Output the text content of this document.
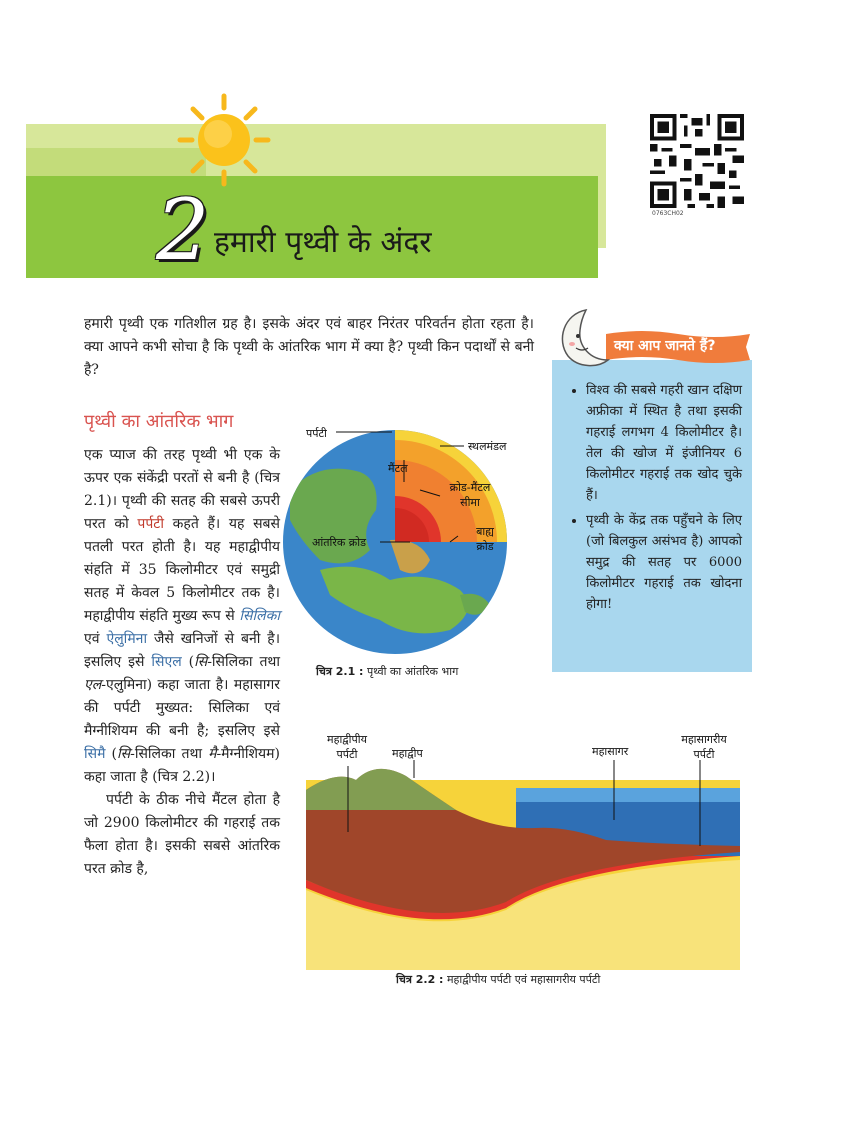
2 हमारी पृथ्वी के अंदर
0763CH02
हमारी पृथ्वी एक गतिशील ग्रह है। इसके अंदर एवं बाहर निरंतर परिवर्तन होता रहता है। क्या आपने कभी सोचा है कि पृथ्वी के आंतरिक भाग में क्या है? पृथ्वी किन पदार्थों से बनी है?
पृथ्वी का आंतरिक भाग
एक प्याज की तरह पृथ्वी भी एक के ऊपर एक संकेंद्री परतों से बनी है (चित्र 2.1)। पृथ्वी की सतह की सबसे ऊपरी परत को पर्पटी कहते हैं। यह सबसे पतली परत होती है। यह महाद्वीपीय संहति में 35 किलोमीटर एवं समुद्री सतह में केवल 5 किलोमीटर तक है। महाद्वीपीय संहति मुख्य रूप से सिलिका एवं ऐलुमिना जैसे खनिजों से बनी है। इसलिए इसे सिएल (सि-सिलिका तथा एल-एलुमिना) कहा जाता है। महासागर की पर्पटी मुख्यत: सिलिका एवं मैग्नीशियम की बनी है; इसलिए इसे सिमै (सि-सिलिका तथा मै-मैग्नीशियम) कहा जाता है (चित्र 2.2)।
पर्पटी के ठीक नीचे मैंटल होता है जो 2900 किलोमीटर की गहराई तक फैला होता है। इसकी सबसे आंतरिक परत क्रोड है,
• विश्व की सबसे गहरी खान दक्षिण अफ्रीका में स्थित है तथा इसकी गहराई लगभग 4 किलोमीटर है। तेल की खोज में इंजीनियर 6 किलोमीटर गहराई तक खोद चुके हैं।
• पृथ्वी के केंद्र तक पहुँचने के लिए (जो बिलकुल असंभव है) आपको समुद्र की सतह पर 6000 किलोमीटर गहराई तक खोदना होगा!
क्या आप जानते हैं?
पर्पटी
स्थलमंडल
मैंटल
क्रोड-मैंटल सीमा
आंतरिक क्रोड
बाह्य क्रोड
चित्र 2.1 : पृथ्वी का आंतरिक भाग
महाद्वीपीय पर्पटी	महाद्वीप	महासागर
महासागरीय पर्पटी
चित्र 2.2 : महाद्वीपीय पर्पटी एवं महासागरीय पर्पटी
